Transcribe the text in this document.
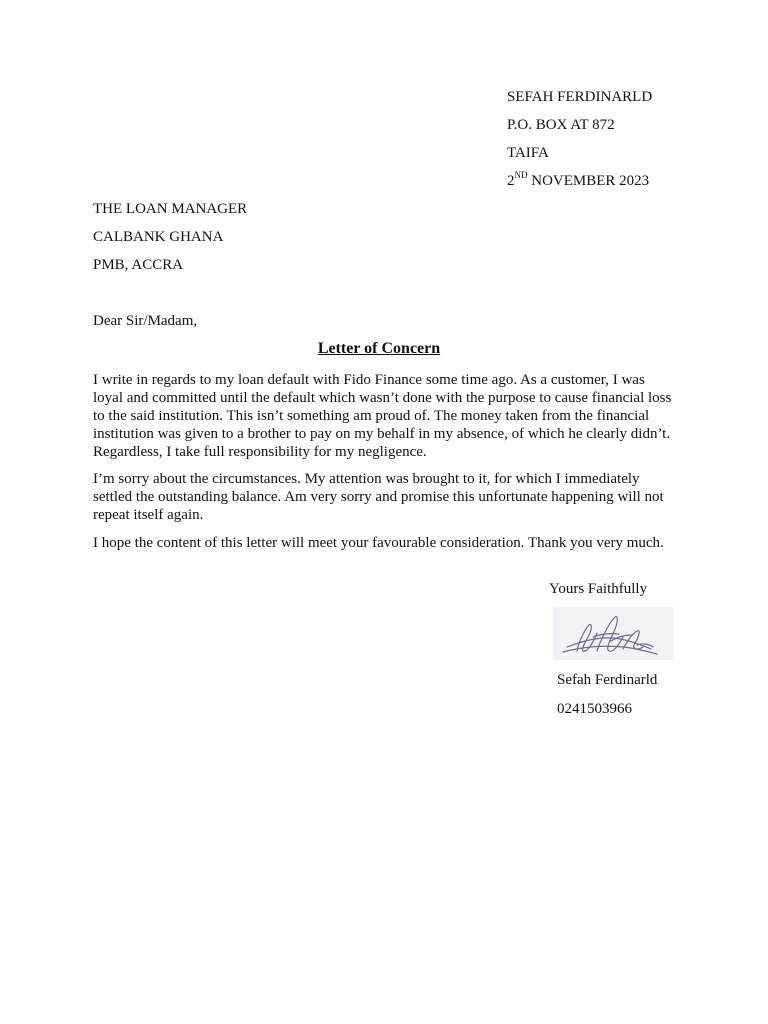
SEFAH FERDINARLD
P.O. BOX AT 872
TAIFA
2ND NOVEMBER 2023
THE LOAN MANAGER
CALBANK GHANA
PMB, ACCRA
Dear Sir/Madam,
Letter of Concern

I write in regards to my loan default with Fido Finance some time ago. As a customer, I was loyal and committed until the default which wasn’t done with the purpose to cause financial loss to the said institution. This isn’t something am proud of. The money taken from the financial institution was given to a brother to pay on my behalf in my absence, of which he clearly didn’t. Regardless, I take full responsibility for my negligence.

I’m sorry about the circumstances. My attention was brought to it, for which I immediately settled the outstanding balance. Am very sorry and promise this unfortunate happening will not repeat itself again.

I hope the content of this letter will meet your favourable consideration. Thank you very much.

Yours Faithfully
Sefah Ferdinarld
0241503966
